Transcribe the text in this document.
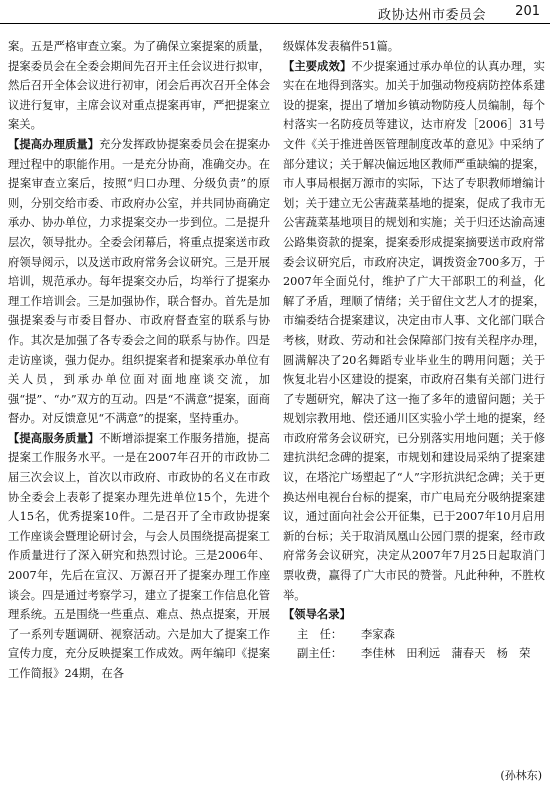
政协达州市委员会 201

案。五是严格审查立案。为了确保立案提案的质量，提案委员会在全委会期间先召开主任会议进行拟审，然后召开全体会议进行初审，闭会后再次召开全体会议进行复审，主席会议对重点提案再审，严把提案立案关。

【提高办理质量】充分发挥政协提案委员会在提案办理过程中的职能作用。一是充分协商，准确交办。在提案审查立案后，按照“归口办理、分级负责”的原则，分别交给市委、市政府办公室，并共同协商确定承办、协办单位，力求提案交办一步到位。二是提升层次，领导批办。全委会闭幕后，将重点提案送市政府领导阅示，以及送市政府常务会议研究。三是开展培训，规范承办。每年提案交办后，均举行了提案办理工作培训会。三是加强协作，联合督办。首先是加强提案委与市委目督办、市政府督查室的联系与协作。其次是加强了各专委会之间的联系与协作。四是走访座谈，强力促办。组织提案者和提案承办单位有关人员，到承办单位面对面地座谈交流，加强“提”、“办”双方的互动。四是“不满意”提案，面商督办。对反馈意见“不满意”的提案，坚持重办。

【提高服务质量】不断增添提案工作服务措施，提高提案工作服务水平。一是在2007年召开的市政协二届三次会议上，首次以市政府、市政协的名义在市政协全委会上表彰了提案办理先进单位15个，先进个人15名，优秀提案10件。二是召开了全市政协提案工作座谈会暨理论研讨会，与会人员围绕提高提案工作质量进行了深入研究和热烈讨论。三是2006年、2007年，先后在宣汉、万源召开了提案办理工作座谈会。四是通过考察学习，建立了提案工作信息化管理系统。五是围绕一些重点、难点、热点提案，开展了一系列专题调研、视察活动。六是加大了提案工作宣传力度，充分反映提案工作成效。两年编印《提案工作简报》24期，在各

级媒体发表稿件51篇。

【主要成效】不少提案通过承办单位的认真办理，实实在在地得到落实。加关于加强动物疫病防控体系建设的提案，提出了增加乡镇动物防疫人员编制，每个村落实一名防疫员等建议，达市府发［2006］31号文件《关于推进兽医管理制度改革的意见》中采纳了部分建议；关于解决偏远地区教师严重缺编的提案，市人事局根据万源市的实际，下达了专职教师增编计划；关于建立无公害蔬菜基地的提案，促成了我市无公害蔬菜基地项目的规划和实施；关于归还达渝高速公路集资款的提案，提案委形成提案摘要送市政府常委会议研究后，市政府决定，调拨资金700多万，于2007年全面兑付，维护了广大干部职工的利益，化解了矛盾，理顺了情绪；关于留住文艺人才的提案，市编委结合提案建议，决定由市人事、文化部门联合考核，财政、劳动和社会保障部门按有关程序办理，圆满解决了20名舞蹈专业毕业生的聘用问题；关于恢复北岩小区建设的提案，市政府召集有关部门进行了专题研究，解决了这一拖了多年的遗留问题；关于规划宗教用地、偿还通川区实验小学土地的提案，经市政府常务会议研究，已分别落实用地问题；关于修建抗洪纪念碑的提案，市规划和建设局采纳了提案建议，在塔沱广场塑起了“人”字形抗洪纪念碑；关于更换达州电视台台标的提案，市广电局充分吸纳提案建议，通过面向社会公开征集，已于2007年10月启用新的台标；关于取消凤凰山公园门票的提案，经市政府常务会议研究，决定从2007年7月25日起取消门票收费，赢得了广大市民的赞誉。凡此种种，不胜枚举。

【领导名录】

主　任：	李家森
副主任：	李佳林　田利远　蒲春天　杨　荣
(孙林东)
